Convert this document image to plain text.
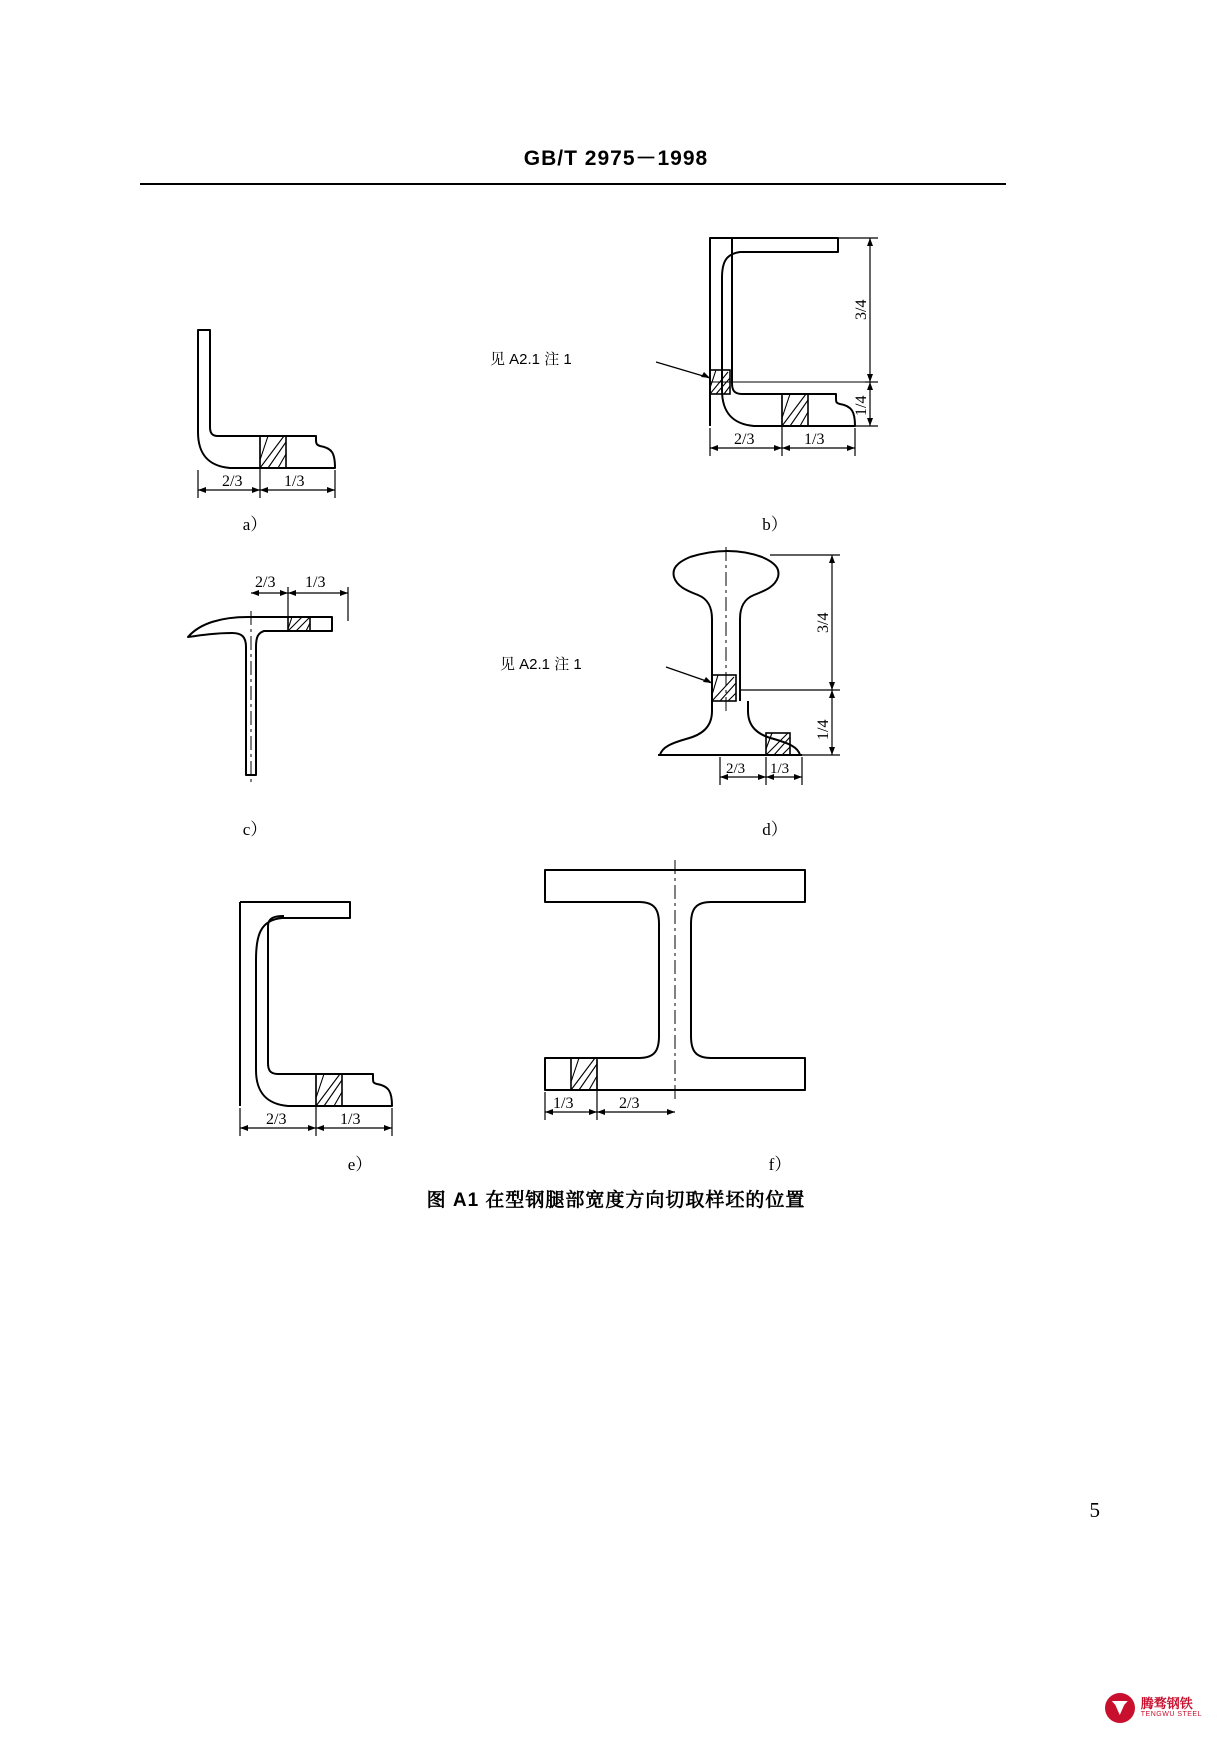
GB/T 2975－1998
2/3	1/3
a）
3/4
1/4
2/3	1/3
见 A2.1 注 1
b）
2/3 1/3
c）
3/4
1/4
2/3 1/3
见 A2.1 注 1
d）
2/3	1/3
e）
1/3	2/3
f）
图 A1 在型钢腿部宽度方向切取样坯的位置
5
腾骛钢铁
TENGWU STEEL
